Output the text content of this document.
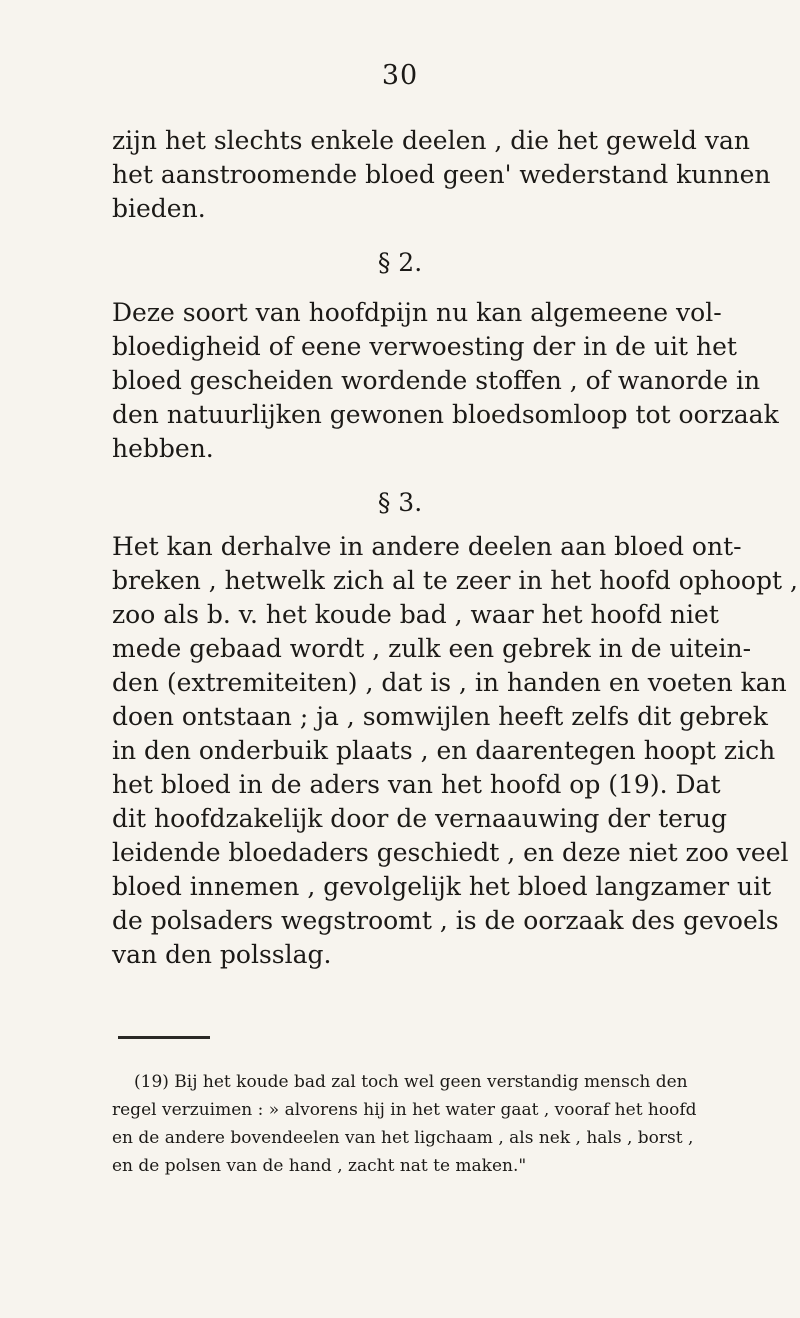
30
zijn het slechts enkele deelen , die het geweld van
het aanstroomende bloed geen' wederstand kunnen
bieden.
§ 2.
Deze soort van hoofdpijn nu kan algemeene vol-
bloedigheid of eene verwoesting der in de uit het
bloed gescheiden wordende stoffen , of wanorde in
den natuurlijken gewonen bloedsomloop tot oorzaak
hebben.
§ 3.
Het kan derhalve in andere deelen aan bloed ont-
breken , hetwelk zich al te zeer in het hoofd ophoopt ,
zoo als b. v. het koude bad , waar het hoofd niet
mede gebaad wordt , zulk een gebrek in de uitein-
den (extremiteiten) , dat is , in handen en voeten kan
doen ontstaan ; ja , somwijlen heeft zelfs dit gebrek
in den onderbuik plaats , en daarentegen hoopt zich
het bloed in de aders van het hoofd op (19). Dat
dit hoofdzakelijk door de vernaauwing der terug
leidende bloedaders geschiedt , en deze niet zoo veel
bloed innemen , gevolgelijk het bloed langzamer uit
de polsaders wegstroomt , is de oorzaak des gevoels
van den polsslag.
(19) Bij het koude bad zal toch wel geen verstandig mensch den
regel verzuimen : » alvorens hij in het water gaat , vooraf het hoofd
en de andere bovendeelen van het ligchaam , als nek , hals , borst ,
en de polsen van de hand , zacht nat te maken."
